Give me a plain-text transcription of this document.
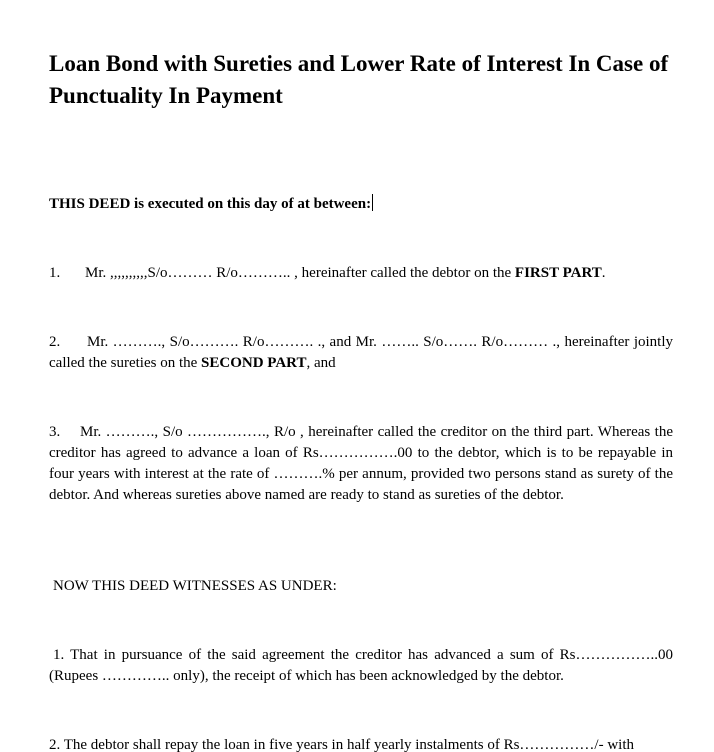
Loan Bond with Sureties and Lower Rate of Interest In Case of Punctuality In Payment

THIS DEED is executed on this day of at between:

1. Mr. ,,,,,,,,,,S/o……… R/o……….. , hereinafter called the debtor on the FIRST PART.

2. Mr. ………., S/o………. R/o………. ., and Mr. …….. S/o……. R/o……… ., hereinafter jointly called the sureties on the SECOND PART, and

3. Mr. ………., S/o ……………., R/o , hereinafter called the creditor on the third part. Whereas the creditor has agreed to advance a loan of Rs…………….00 to the debtor, which is to be repayable in four years with interest at the rate of ……….% per annum, provided two persons stand as surety of the debtor. And whereas sureties above named are ready to stand as sureties of the debtor.

NOW THIS DEED WITNESSES AS UNDER:

1. That in pursuance of the said agreement the creditor has advanced a sum of Rs……………..00 (Rupees ………….. only), the receipt of which has been acknowledged by the debtor.

2. The debtor shall repay the loan in five years in half yearly instalments of Rs……………/- with
